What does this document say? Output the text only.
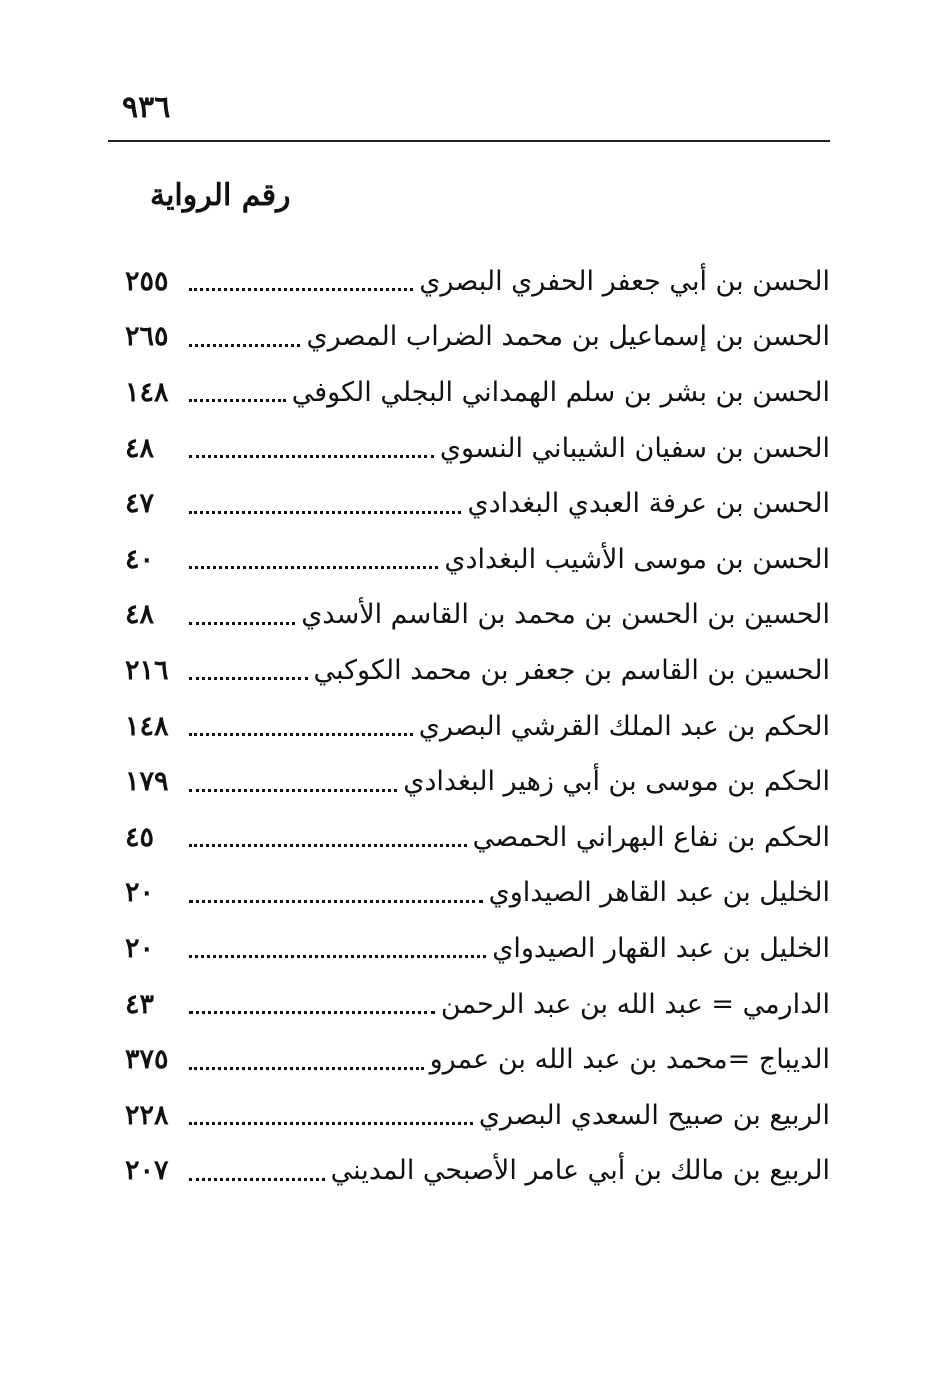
٩٣٦
رقم الرواية
الحسن بن أبي جعفر الحفري البصري
٢٥٥
الحسن بن إسماعيل بن محمد الضراب المصري
٢٦٥
الحسن بن بشر بن سلم الهمداني البجلي الكوفي
١٤٨
الحسن بن سفيان الشيباني النسوي
٤٨
الحسن بن عرفة العبدي البغدادي
٤٧
الحسن بن موسى الأشيب البغدادي
٤٠
الحسين بن الحسن بن محمد بن القاسم الأسدي
٤٨
الحسين بن القاسم بن جعفر بن محمد الكوكبي
٢١٦
الحكم بن عبد الملك القرشي البصري
١٤٨
الحكم بن موسى بن أبي زهير البغدادي
١٧٩
الحكم بن نفاع البهراني الحمصي
٤٥
الخليل بن عبد القاهر الصيداوي
٢٠
الخليل بن عبد القهار الصيدواي
٢٠
الدارمي = عبد الله بن عبد الرحمن
٤٣
الديباج =محمد بن عبد الله بن عمرو
٣٧٥
الربيع بن صبيح السعدي البصري
٢٢٨
الربيع بن مالك بن أبي عامر الأصبحي المديني
٢٠٧
